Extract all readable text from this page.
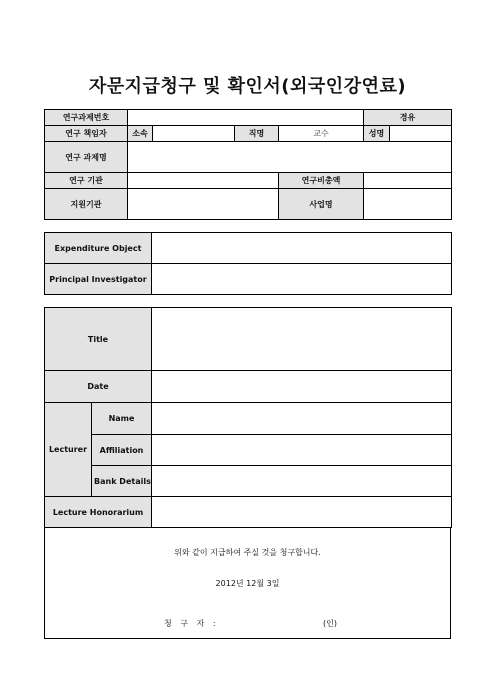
자문지급청구 및 확인서(외국인강연료)
연구과제번호					경유	
연구 책임자	소속		직명	교수	성명	
연구 과제명						
연구 기관				연구비총액		
지원기관				사업명		
Expenditure Object	
Principal Investigator	
Title		
Date		
Lecturer	Name	
	Affiliation	
	Bank Details	
Lecture Honorarium		
위와 같이 지급하여 주실 것을 청구합니다.
2012년 12월 3일
청 구 자 :	(인)
